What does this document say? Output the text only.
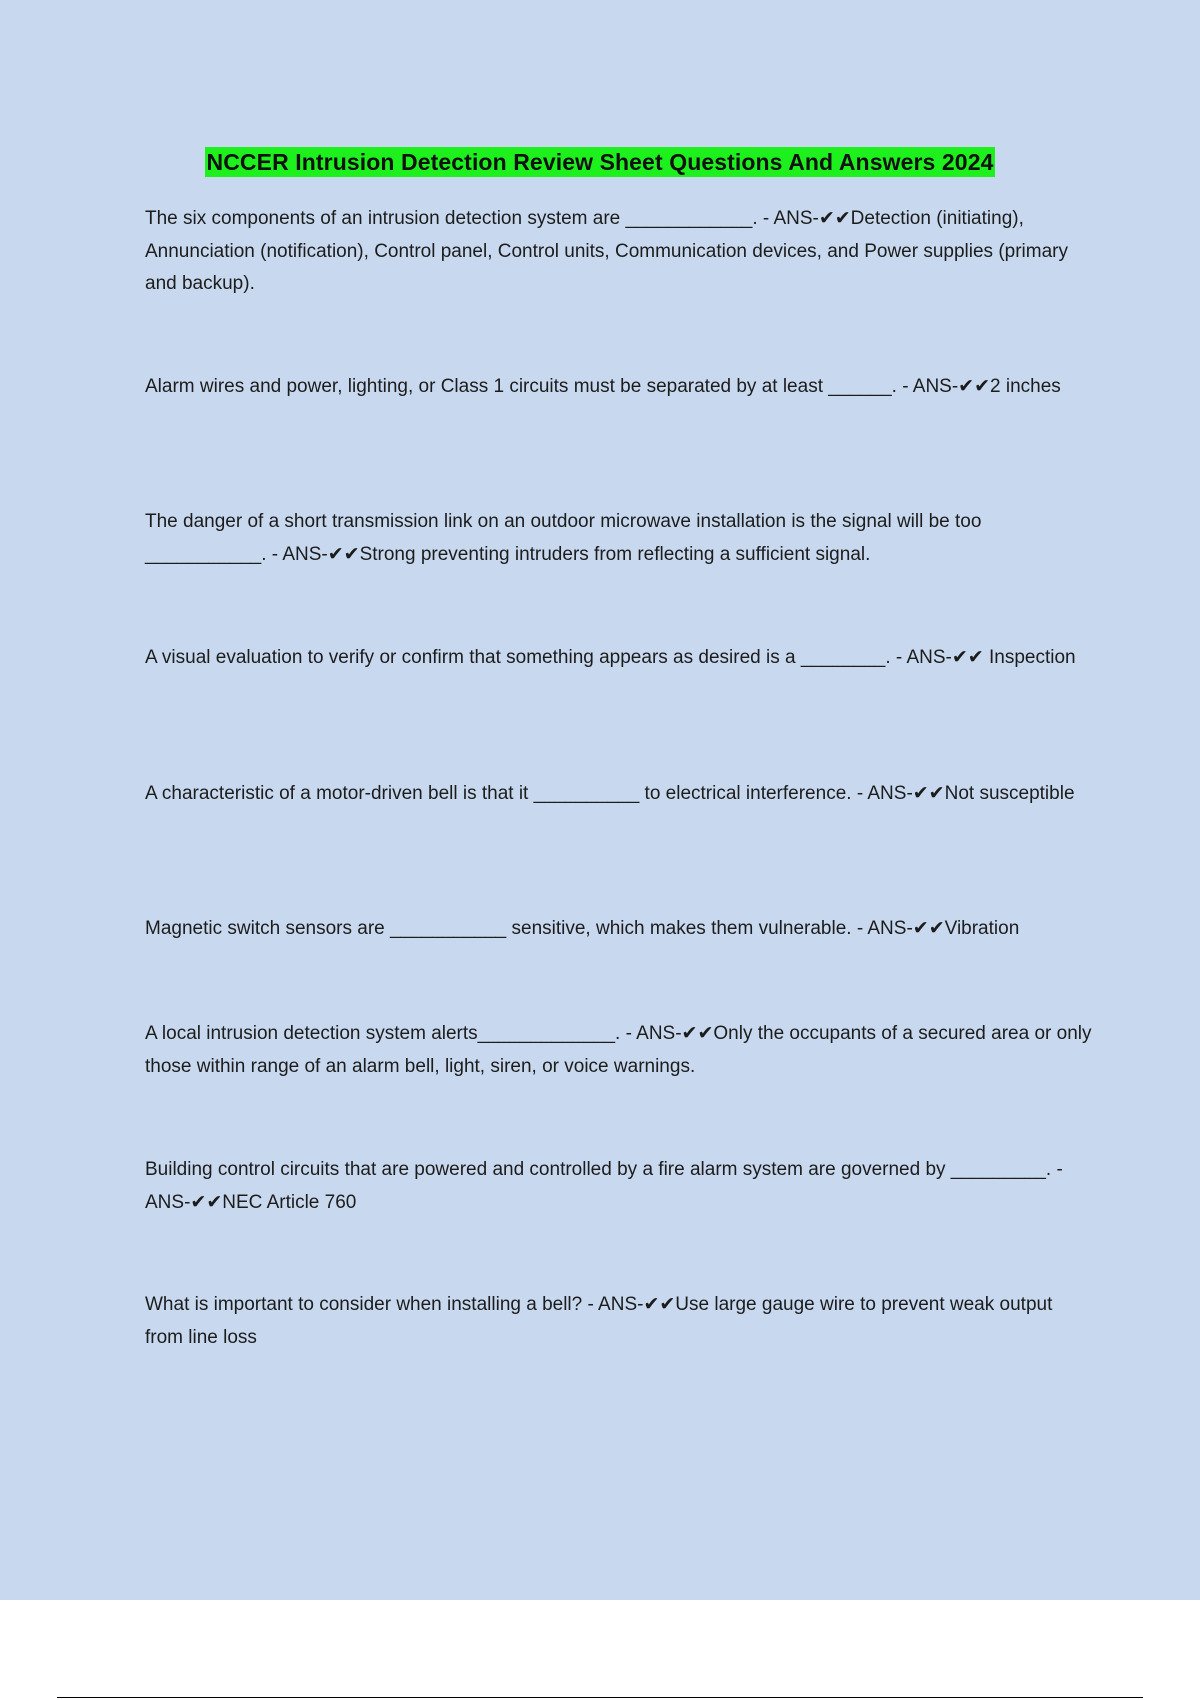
NCCER Intrusion Detection Review Sheet Questions And Answers 2024

The six components of an intrusion detection system are ____________. - ANS-✔✔Detection (initiating), Annunciation (notification), Control panel, Control units, Communication devices, and Power supplies (primary and backup).

Alarm wires and power, lighting, or Class 1 circuits must be separated by at least ______. - ANS-✔✔2 inches

The danger of a short transmission link on an outdoor microwave installation is the signal will be too ___________. - ANS-✔✔Strong preventing intruders from reflecting a sufficient signal.

A visual evaluation to verify or confirm that something appears as desired is a ________. - ANS-✔✔ Inspection

A characteristic of a motor-driven bell is that it __________ to electrical interference. - ANS-✔✔Not susceptible

Magnetic switch sensors are ___________ sensitive, which makes them vulnerable. - ANS-✔✔Vibration

A local intrusion detection system alerts_____________. - ANS-✔✔Only the occupants of a secured area or only those within range of an alarm bell, light, siren, or voice warnings.

Building control circuits that are powered and controlled by a fire alarm system are governed by _________. - ANS-✔✔NEC Article 760

What is important to consider when installing a bell? - ANS-✔✔Use large gauge wire to prevent weak output from line loss
